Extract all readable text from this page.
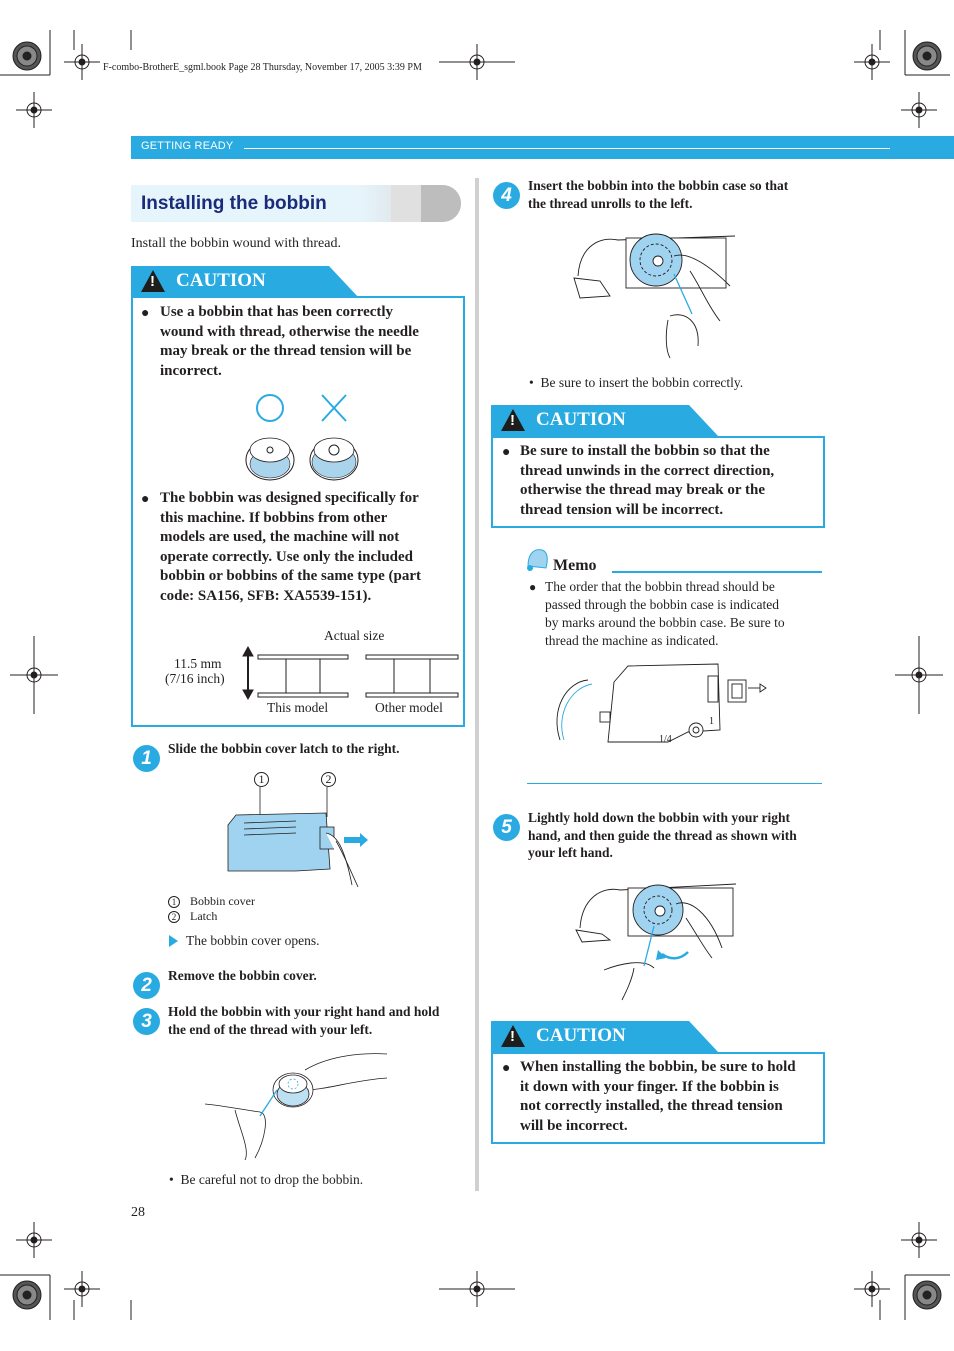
F-combo-BrotherE_sgml.book Page 28 Thursday, November 17, 2005 3:39 PM
GETTING READY
Installing the bobbin
Install the bobbin wound with thread.
! CAUTION
● Use a bobbin that has been correctly
wound with thread, otherwise the needle
may break or the thread tension will be
incorrect.
● The bobbin was designed specifically for
this machine. If bobbins from other
models are used, the machine will not
operate correctly. Use only the included
bobbin or bobbins of the same type (part
code: SA156, SFB: XA5539-151).
Actual size
11.5 mm
(7/16 inch)
This model	Other model
1	Slide the bobbin cover latch to the right.
1	2
1	Bobbin cover
2	Latch
The bobbin cover opens.
2	Remove the bobbin cover.
3	Hold the bobbin with your right hand and hold
the end of the thread with your left.
•  Be careful not to drop the bobbin.
28
4	Insert the bobbin into the bobbin case so that
the thread unrolls to the left.
•  Be sure to insert the bobbin correctly.
! CAUTION
● Be sure to install the bobbin so that the
thread unwinds in the correct direction,
otherwise the thread may break or the
thread tension will be incorrect.
Memo
● The order that the bobbin thread should be
passed through the bobbin case is indicated
by marks around the bobbin case. Be sure to
thread the machine as indicated.
1
1/4
5	Lightly hold down the bobbin with your right
hand, and then guide the thread as shown with
your left hand.
! CAUTION
● When installing the bobbin, be sure to hold
it down with your finger. If the bobbin is
not correctly installed, the thread tension
will be incorrect.
